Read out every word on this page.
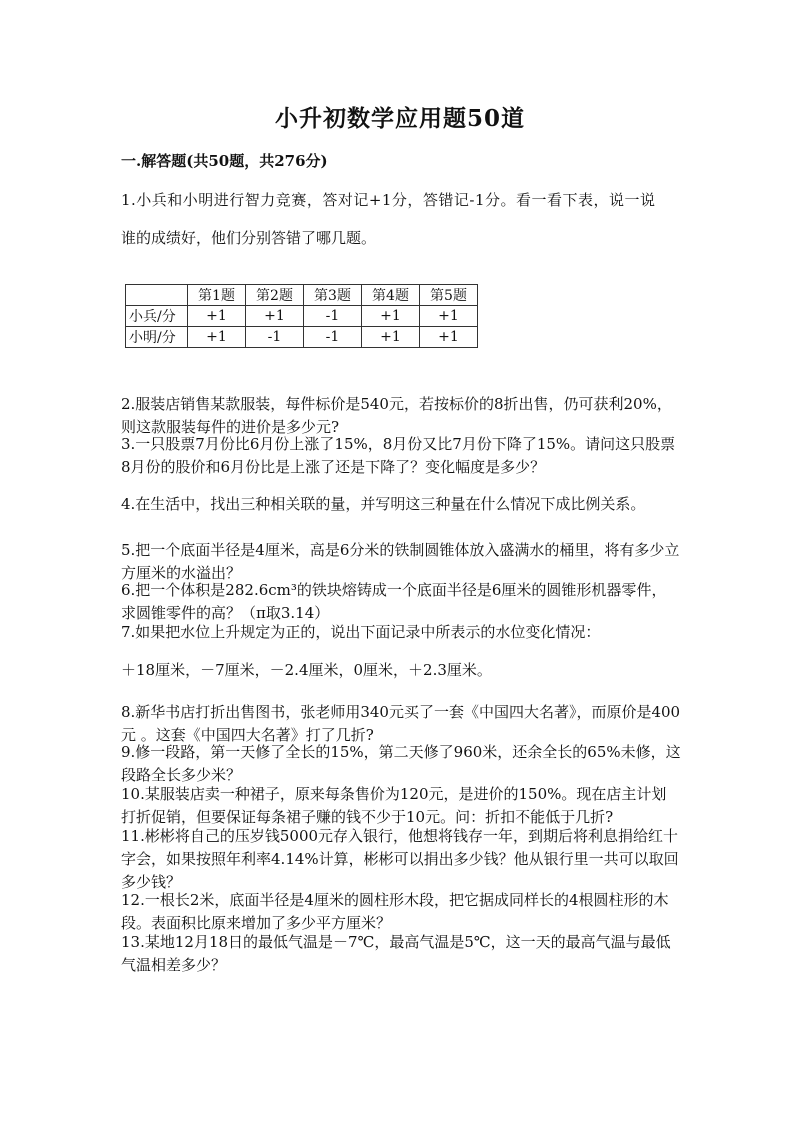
小升初数学应用题50道
一.解答题(共50题，共276分)
1.小兵和小明进行智力竞赛，答对记+1分，答错记-1分。看一看下表，说一说
谁的成绩好，他们分别答错了哪几题。
	第1题	第2题	第3题	第4题	第5题
小兵/分	+1	+1	-1	+1	+1
小明/分	+1	-1	-1	+1	+1

2.服装店销售某款服装，每件标价是540元，若按标价的8折出售，仍可获利20%，则这款服装每件的进价是多少元?

3.一只股票7月份比6月份上涨了15%，8月份又比7月份下降了15%。请问这只股票8月份的股价和6月份比是上涨了还是下降了？变化幅度是多少？

4.在生活中，找出三种相关联的量，并写明这三种量在什么情况下成比例关系。

5.把一个底面半径是4厘米，高是6分米的铁制圆锥体放入盛满水的桶里，将有多少立方厘米的水溢出？

6.把一个体积是282.6cm³的铁块熔铸成一个底面半径是6厘米的圆锥形机器零件，求圆锥零件的高？（π取3.14）

7.如果把水位上升规定为正的，说出下面记录中所表示的水位变化情况：

＋18厘米，－7厘米，－2.4厘米，0厘米，＋2.3厘米。

8.新华书店打折出售图书，张老师用340元买了一套《中国四大名著》，而原价是400元 。这套《中国四大名著》打了几折?

9.修一段路，第一天修了全长的15%，第二天修了960米，还余全长的65%未修，这段路全长多少米？

10.某服装店卖一种裙子，原来每条售价为120元，是进价的150%。现在店主计划打折促销，但要保证每条裙子赚的钱不少于10元。问：折扣不能低于几折?

11.彬彬将自己的压岁钱5000元存入银行，他想将钱存一年，到期后将利息捐给红十字会，如果按照年利率4.14%计算，彬彬可以捐出多少钱？他从银行里一共可以取回多少钱？

12.一根长2米，底面半径是4厘米的圆柱形木段，把它据成同样长的4根圆柱形的木段。表面积比原来增加了多少平方厘米？

13.某地12月18日的最低气温是－7℃，最高气温是5℃，这一天的最高气温与最低气温相差多少？
